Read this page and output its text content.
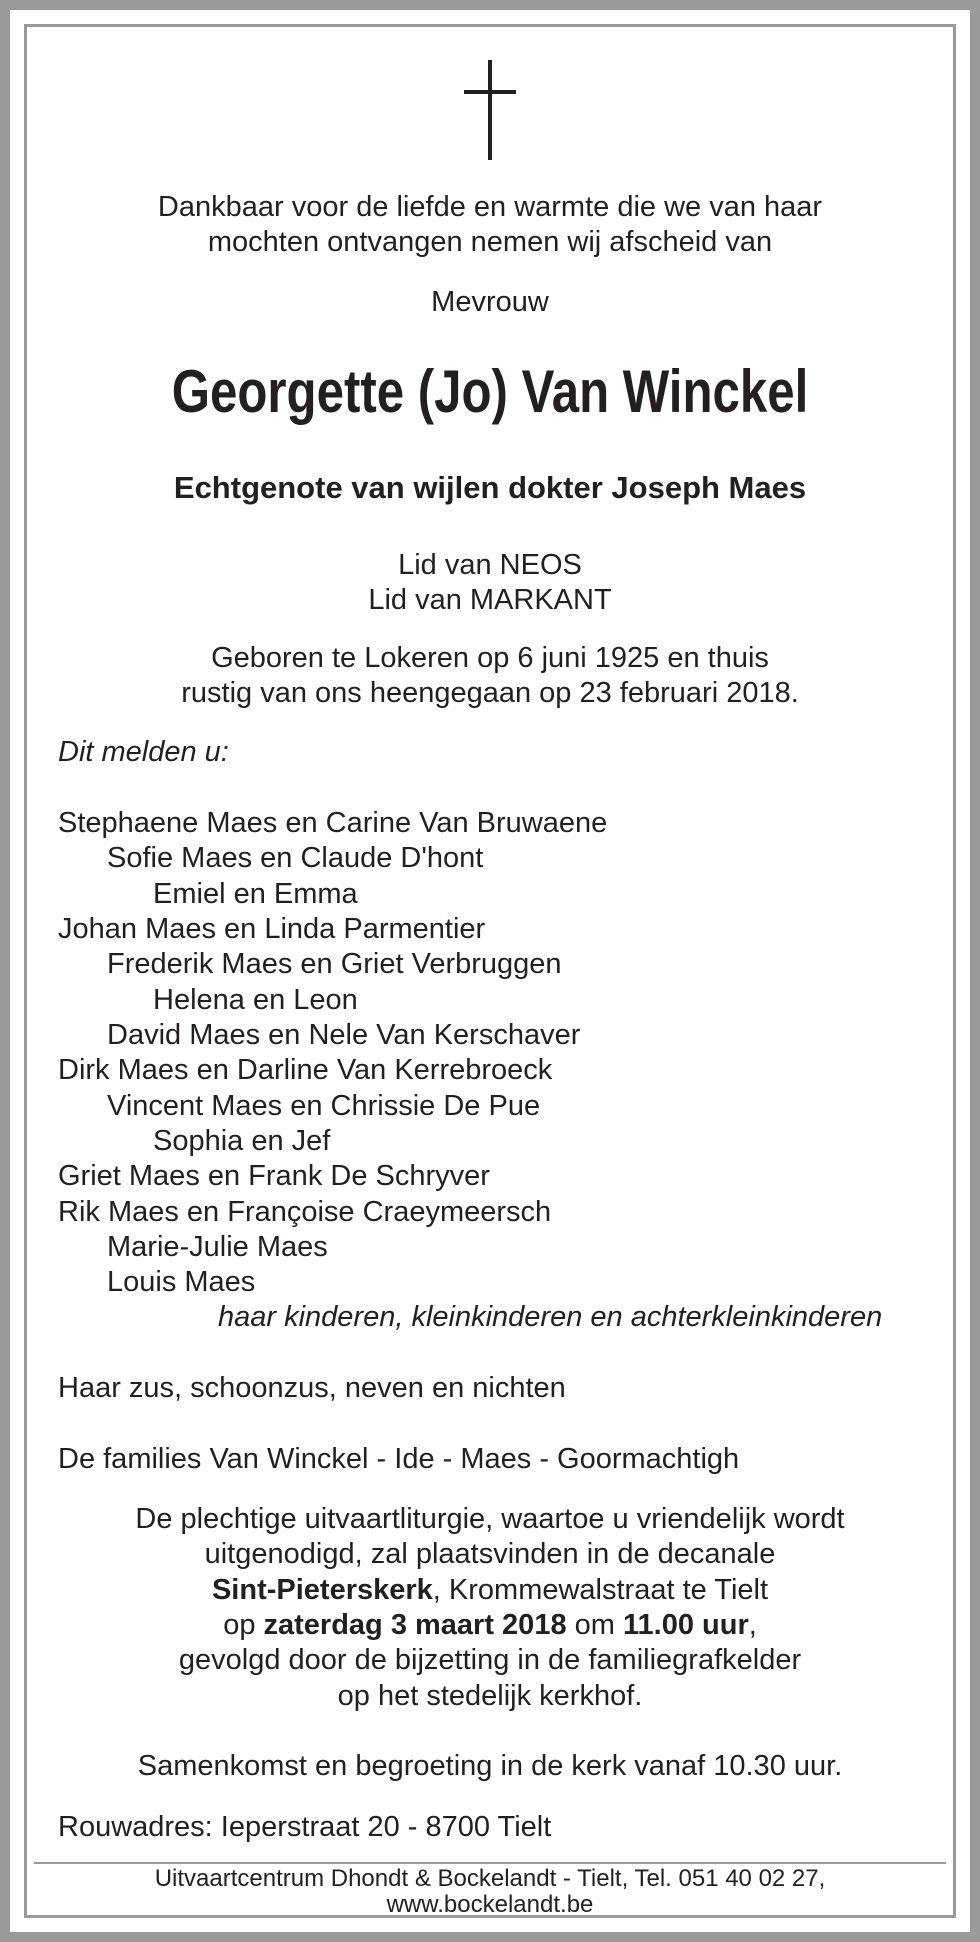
Dankbaar voor de liefde en warmte die we van haar
mochten ontvangen nemen wij afscheid van
Mevrouw
Georgette (Jo) Van Winckel
Echtgenote van wijlen dokter Joseph Maes
Lid van NEOS
Lid van MARKANT
Geboren te Lokeren op 6 juni 1925 en thuis
rustig van ons heengegaan op 23 februari 2018.
Dit melden u:
Stephaene Maes en Carine Van Bruwaene
Sofie Maes en Claude D'hont
Emiel en Emma
Johan Maes en Linda Parmentier
Frederik Maes en Griet Verbruggen
Helena en Leon
David Maes en Nele Van Kerschaver
Dirk Maes en Darline Van Kerrebroeck
Vincent Maes en Chrissie De Pue
Sophia en Jef
Griet Maes en Frank De Schryver
Rik Maes en Françoise Craeymeersch
Marie-Julie Maes
Louis Maes
haar kinderen, kleinkinderen en achterkleinkinderen
Haar zus, schoonzus, neven en nichten
De families Van Winckel - Ide - Maes - Goormachtigh
De plechtige uitvaartliturgie, waartoe u vriendelijk wordt
uitgenodigd, zal plaatsvinden in de decanale
Sint-Pieterskerk, Krommewalstraat te Tielt
op zaterdag 3 maart 2018 om 11.00 uur,
gevolgd door de bijzetting in de familiegrafkelder
op het stedelijk kerkhof.
Samenkomst en begroeting in de kerk vanaf 10.30 uur.
Rouwadres: Ieperstraat 20 - 8700 Tielt
Uitvaartcentrum Dhondt & Bockelandt - Tielt, Tel. 051 40 02 27,
www.bockelandt.be
